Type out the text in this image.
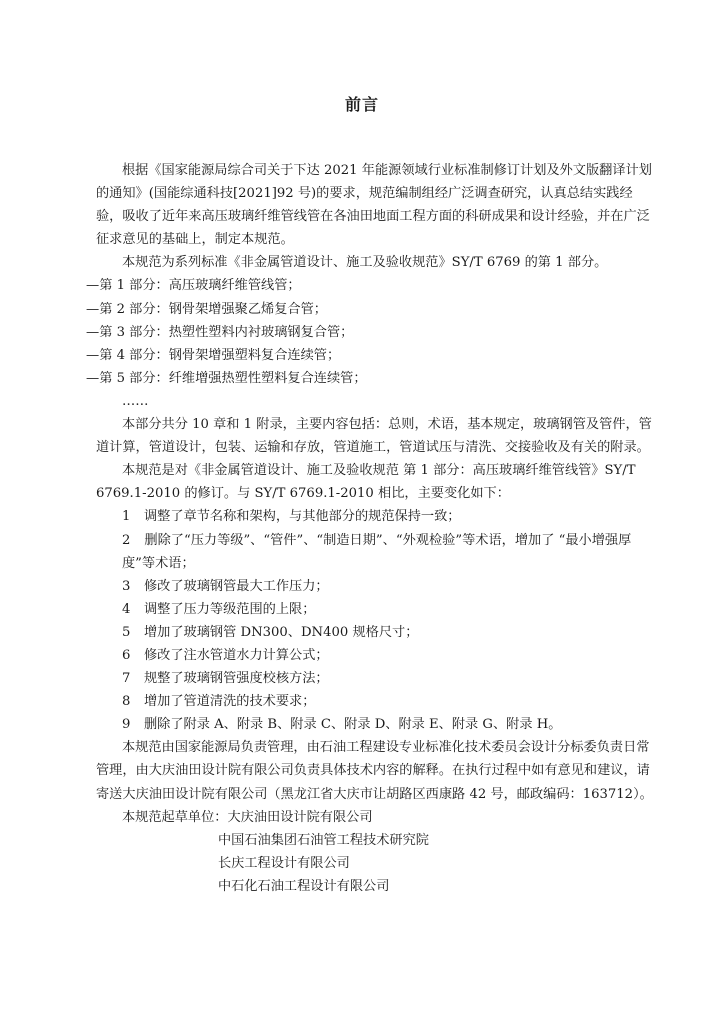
前言

根据《国家能源局综合司关于下达 2021 年能源领域行业标准制修订计划及外文版翻译计划的通知》(国能综通科技[2021]92 号)的要求，规范编制组经广泛调查研究，认真总结实践经验，吸收了近年来高压玻璃纤维管线管在各油田地面工程方面的科研成果和设计经验，并在广泛征求意见的基础上，制定本规范。

本规范为系列标准《非金属管道设计、施工及验收规范》SY/T 6769 的第 1 部分。

—第 1 部分：高压玻璃纤维管线管；

—第 2 部分：钢骨架增强聚乙烯复合管；

—第 3 部分：热塑性塑料内衬玻璃钢复合管；

—第 4 部分：钢骨架增强塑料复合连续管；

—第 5 部分：纤维增强热塑性塑料复合连续管；

……

本部分共分 10 章和 1 附录，主要内容包括：总则，术语，基本规定，玻璃钢管及管件，管道计算，管道设计，包装、运输和存放，管道施工，管道试压与清洗、交接验收及有关的附录。

本规范是对《非金属管道设计、施工及验收规范 第 1 部分：高压玻璃纤维管线管》SY/T 6769.1-2010 的修订。与 SY/T 6769.1-2010 相比，主要变化如下：

1 调整了章节名称和架构，与其他部分的规范保持一致；

2 删除了“压力等级”、“管件”、“制造日期”、“外观检验”等术语，增加了 “最小增强厚度”等术语；

3 修改了玻璃钢管最大工作压力；

4 调整了压力等级范围的上限；

5 增加了玻璃钢管 DN300、DN400 规格尺寸；

6 修改了注水管道水力计算公式；

7 规整了玻璃钢管强度校核方法；

8 增加了管道清洗的技术要求；

9 删除了附录 A、附录 B、附录 C、附录 D、附录 E、附录 G、附录 H。

本规范由国家能源局负责管理，由石油工程建设专业标准化技术委员会设计分标委负责日常管理，由大庆油田设计院有限公司负责具体技术内容的解释。在执行过程中如有意见和建议，请寄送大庆油田设计院有限公司（黑龙江省大庆市让胡路区西康路 42 号，邮政编码：163712）。

本规范起草单位：大庆油田设计院有限公司

中国石油集团石油管工程技术研究院

长庆工程设计有限公司

中石化石油工程设计有限公司
